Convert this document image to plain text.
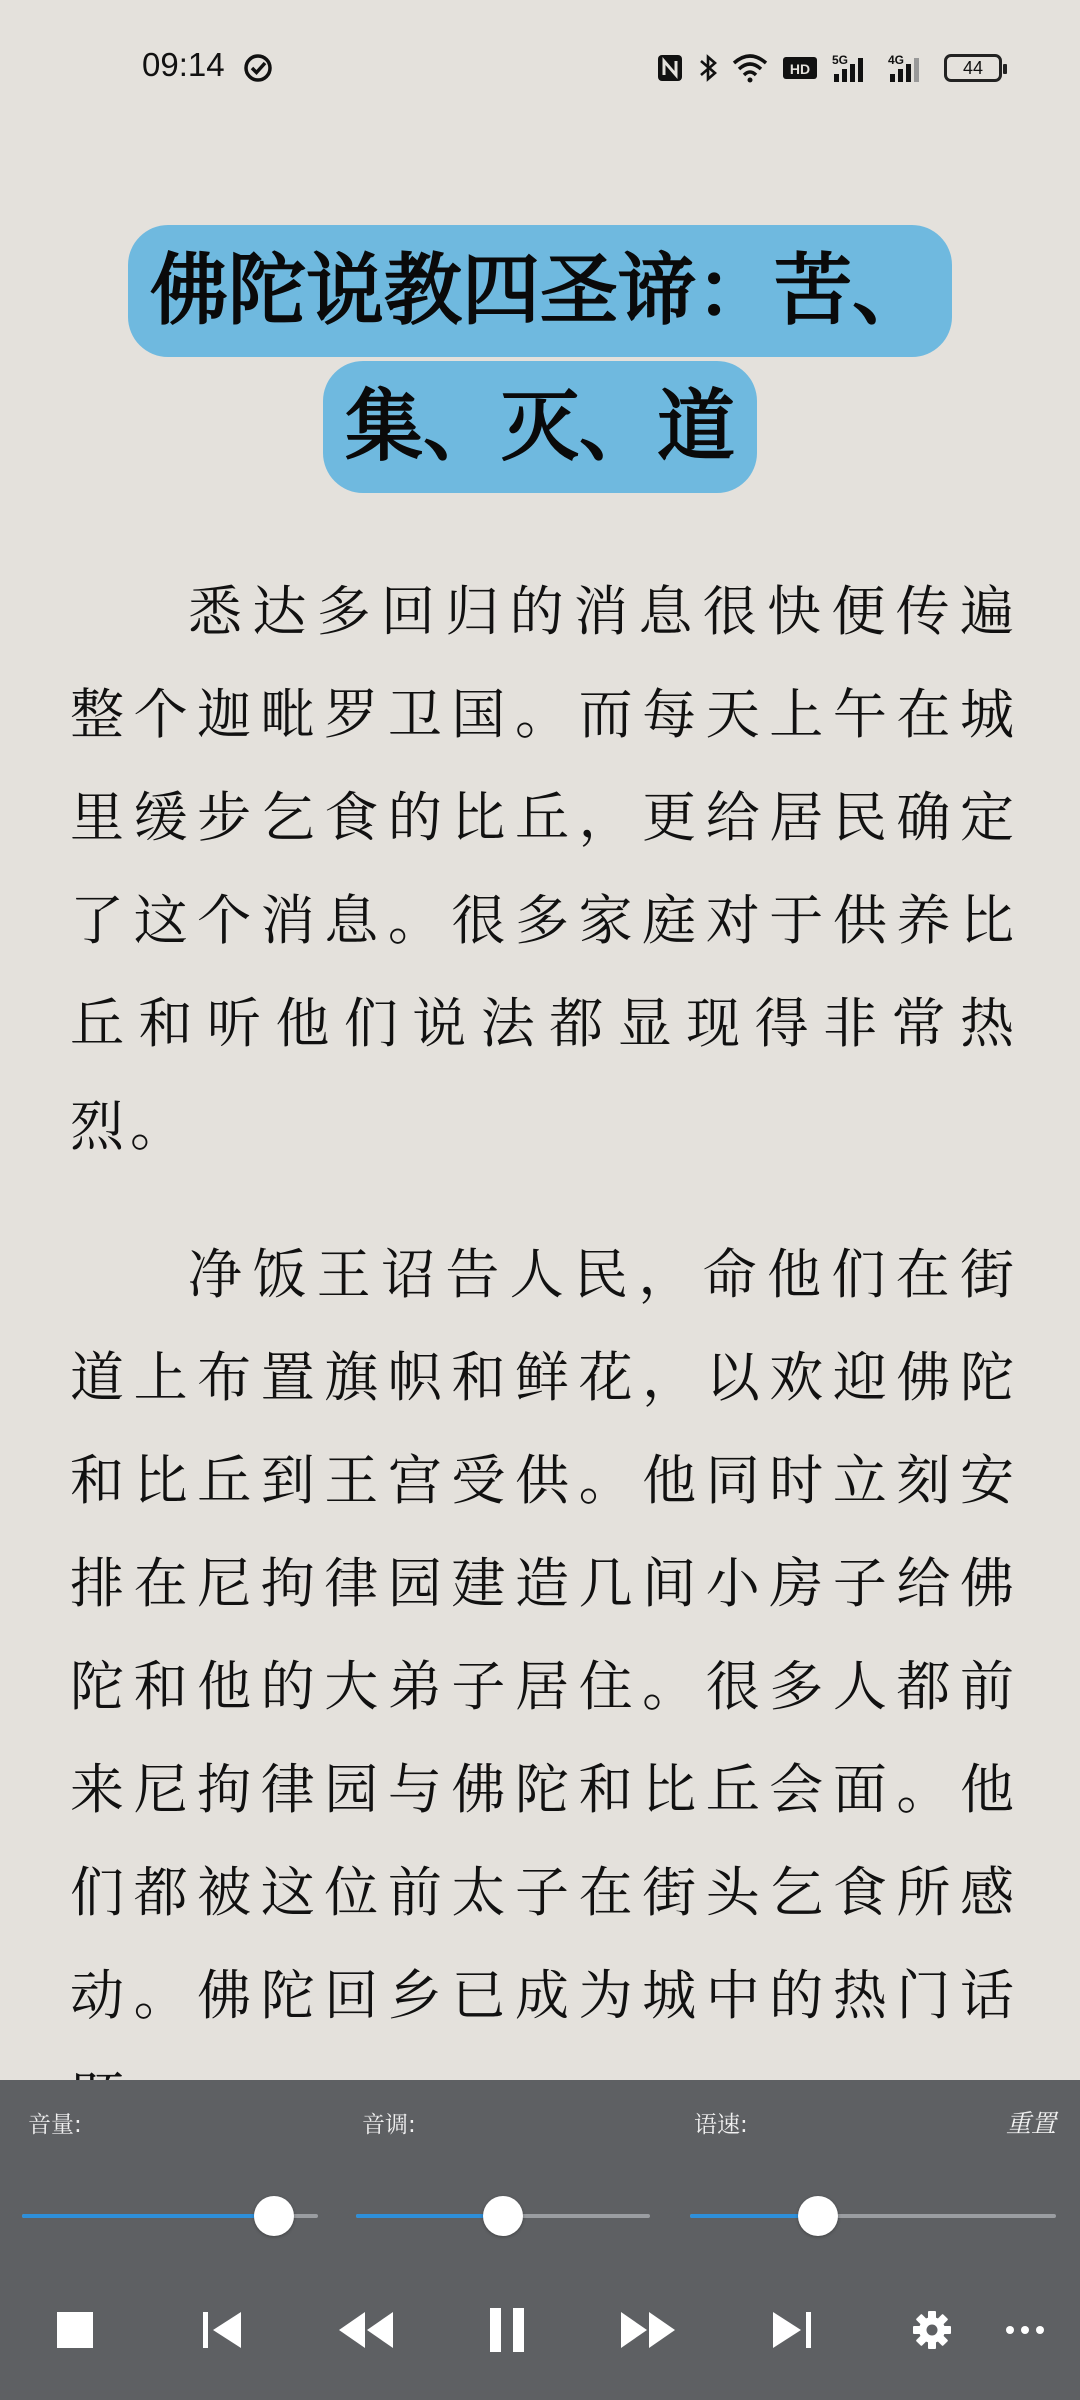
09:14	HD
5G	4G	44
佛陀说教四圣谛：苦、
集、灭、道

悉达多回归的消息很快便传遍整个迦毗罗卫国。而每天上午在城里缓步乞食的比丘，更给居民确定了这个消息。很多家庭对于供养比丘和听他们说法都显现得非常热烈。

净饭王诏告人民，命他们在街道上布置旗帜和鲜花，以欢迎佛陀和比丘到王宫受供。他同时立刻安排在尼拘律园建造几间小房子给佛陀和他的大弟子居住。很多人都前来尼拘律园与佛陀和比丘会面。他们都被这位前太子在街头乞食所感动。佛陀回乡已成为城中的热门话

音量:	音调:	语速:	重置
